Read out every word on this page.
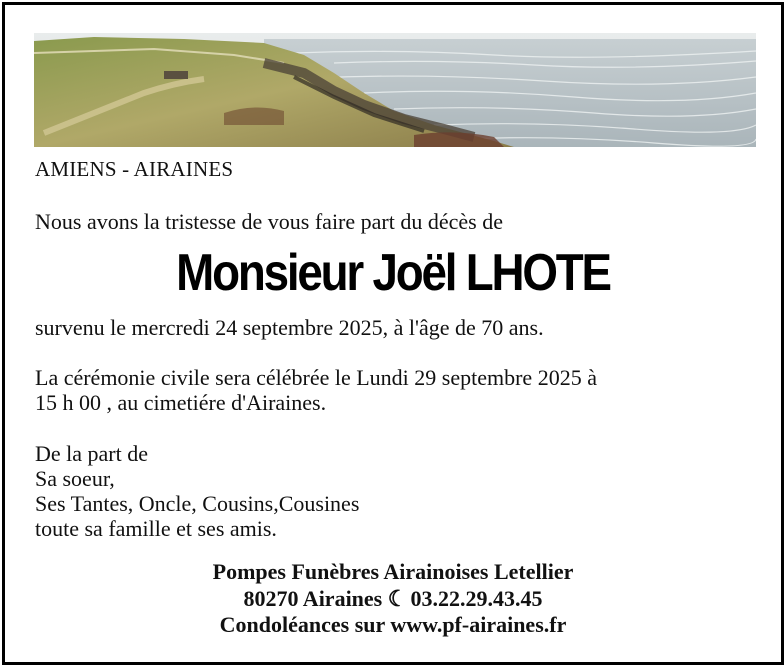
AMIENS - AIRAINES
Nous avons la tristesse de vous faire part du décès de
Monsieur Joël LHOTE
survenu le mercredi 24 septembre 2025, à l'âge de 70 ans.
La cérémonie civile sera célébrée le Lundi 29 septembre 2025 à
15 h 00 , au cimetiére d'Airaines.
De la part de
Sa soeur,
Ses Tantes, Oncle, Cousins,Cousines
toute sa famille et ses amis.
Pompes Funèbres Airainoises Letellier
80270 Airaines ☾ 03.22.29.43.45
Condoléances sur www.pf-airaines.fr
